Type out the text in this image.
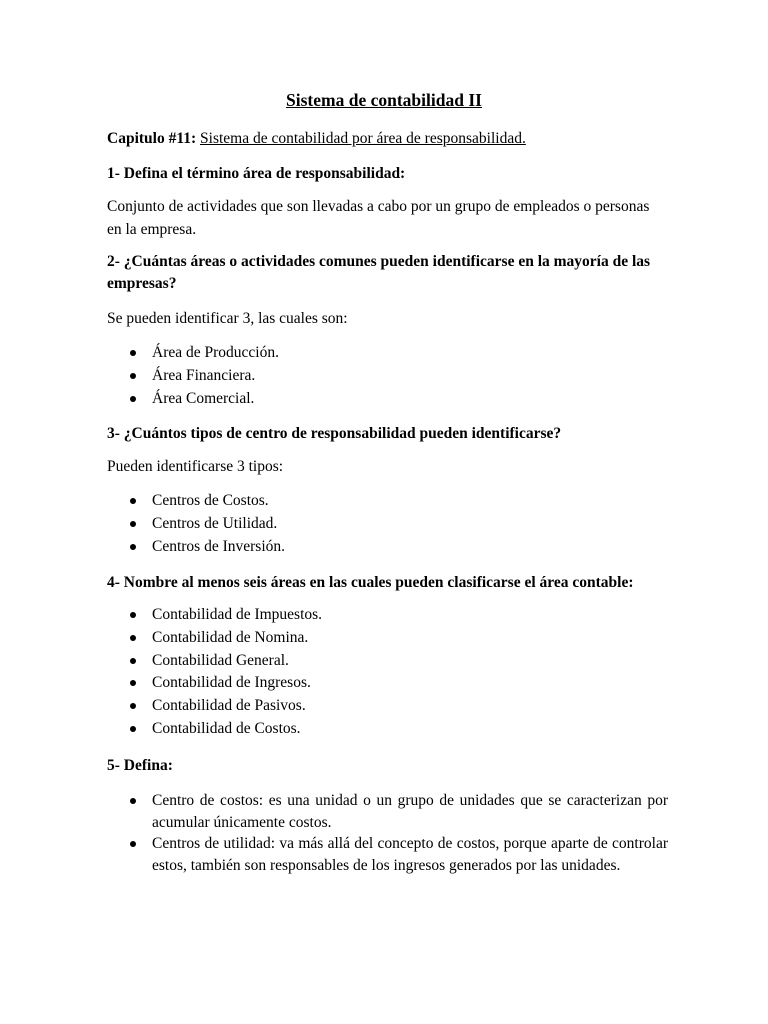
Sistema de contabilidad II
Capitulo #11: Sistema de contabilidad por área de responsabilidad.
1- Defina el término área de responsabilidad:
Conjunto de actividades que son llevadas a cabo por un grupo de empleados o personas en la empresa.
2- ¿Cuántas áreas o actividades comunes pueden identificarse en la mayoría de las empresas?
Se pueden identificar 3, las cuales son:
Área de Producción.
Área Financiera.
Área Comercial.
3- ¿Cuántos tipos de centro de responsabilidad pueden identificarse?
Pueden identificarse 3 tipos:
Centros de Costos.
Centros de Utilidad.
Centros de Inversión.
4- Nombre al menos seis áreas en las cuales pueden clasificarse el área contable:
Contabilidad de Impuestos.
Contabilidad de Nomina.
Contabilidad General.
Contabilidad de Ingresos.
Contabilidad de Pasivos.
Contabilidad de Costos.
5- Defina:
Centro de costos: es una unidad o un grupo de unidades que se caracterizan por acumular únicamente costos.
Centros de utilidad: va más allá del concepto de costos, porque aparte de controlar estos, también son responsables de los ingresos generados por las unidades.
